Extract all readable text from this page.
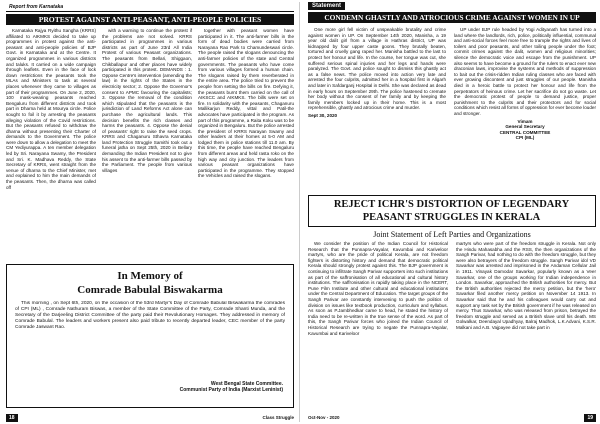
Report from Karnataka
PROTEST AGAINST ANTI-PEASANT, ANTI-PEOPLE POLICIES

Karnataka Rajya Ryithu Sangha (KRRS) affiliated to AIKMKS decided to take up programmes in protest against the anti-peasant and anti-people policies of BJP Govt. in Karnataka and at the Centre. It organized programmes in various districts and taluks. It carried on a wide campaign through leaflets. Even in the face of lock down restrictions the peasants took the MLAs and Ministers to task at several places whenever they came to villages as part of their programmes. On June 2, 2020, 100 mask-wearing peasants reached Bengaluru from different districts and took part in Dharna held at Mourya circle. Police sought to foil it by arresting the peasants alleging violation of the Covid restrictions. But the peasants refused to withdraw the dharna without presenting their Charter of demands to the Government. The police were down to allow a delegation to meet the CM Yediyurappa. A ten member delegation led by Sri. Narayana Swamy, the President and Sri. K. Madhava Reddy, the State Secretary of KRRS, went straight from the venue of dharna to the Chief Minister, met and explained to him the main demands of the peasants. Then, the dharna was called off

with a warning to continue the protest if the problems are not solved. KRRS participated in programmes in various districts as part of June 23rd All India Protest of various Peasant organizations. The peasants from Bellari, Shiggaon, Chikballapur and other places have widely participated in this protest. DEMANDS : 1. Oppose Centre's intervention (amending the law) in the rights of the States in the electricity sector; 2. Oppose the Governor's consent to APMC favouring the capitalists; 3. Oppose the removal of the condition which stipulated that the peasants is the jurisdiction of Land Reforms Act alone can purchase the agricultural lands. This decision benefits the rich classes and harms the peasants. 4. Oppose the denial of peasants' right to raise the seed crops. KRRS and Chaganuru Sthavra Karnataka land Protection Struggle Samithi took out a funeral jatha on Sept 25th, 2020 in Bellary demanding the Indian President not to give his assent to the anti-farmer bills passed by the Parliament. The people from various villages

together with peasant women have participated in it. The anti-farmer bills in the form of dead bodies were carried from Narayana Rao Park to Chamundeswari circle. The people raised the slogans denouncing the anti-farmer policies of the state and Central governments. The peasants who have come from various villages formed a human chain. The slogans raised by them reverberated in the entire area. The police tried to prevent the people from setting the bills on fire. Defying it, the peasants burnt them carried on the call of AIKSCC and AIKMKS. The bills were set on fire. In solidarity with the peasants, Chaganuru Mallikarjun Reddy, vittal and Patil-the advocates have participated in the program. As part of this programme, a Raita Koku was to be organized in Bengaluru. But the police arrested the president of KRRS Narayan Swamy and other leaders at their homes at 5-0 AM and lodged them in police stations till 11.0 am. By this time, the people have reached Bengaluru from different areas and held rasta roko on the high way and city junction. The leaders from various peasant organizations have participated in the programme. They stopped the Vehicles and raised the slogans.

In Memory of
Comrade Babulal Biswakarma

This morning , on Sept 6th, 2020, on the occasion of the 53rd Martyr's Day of Comrade Babulal Biswakarma the comrades of CPI (ML) , Comrade Nathuram Biswas, a member of the State Committee of the Party, Comrade Shanti Munda, and the Secretary of the Darjeeling District Committee of the party paid their Revolutionary Homages. They addressed in memory of Comrade Babulal. The leaders and workers present also paid tribute to recently departed leader, CEC member of the party Comrade Jaswant Rao.

West Bengal State Committee.
Communist Party of India (Marxist Leninist)
18	Class Struggle
Statement
CONDEMN GHASTLY AND ATROCIOUS CRIME AGAINST WOMEN IN UP

One more girl fell victim of unspeakable brutality and crime against women in UP. On September 14th 2020, Manisha, a 19 year old dalit girl from a village in Hathras district, UP was kidnapped by four upper caste goons. They brutally beaten, tortured and cruelly gang raped her. Manisha battled to the last to protect her honour and life. In the course, her tongue was cut, she suffered serious spinal injuries and her legs and hands were paralyzed. The Govt. and police sought to dismiss this ghastly act as a false news. The police moved into action very late and arrested the four culprits, admitted her in a hospital first in Aligarh and later in Safdarganj Hospital in Delhi. She was declared as dead in early hours on September 29th. The police hastened to cremate her body without the consent of her family and by keeping the family members locked up in their home. This is a most reprehensible, ghastly and atrocious crime and murder.

Sept 30, 2020

UP under BJP rule headed by Yogi Adityanath has turned into a land where the landlords, rich, police, politically influential, communal and anti-social forces feel more free to trample the rights and lives of toilers and poor peasants, and other toiling people under the foot; commit crimes against the dalit, women and religious minorities; silence the democratic voice and escape from the punishment. UP also seems to have become a ground for the rulers to enact ever new draconian laws, improvise the systems and methods of suppression to bait out the crisis-ridden Indian ruling classes who are faced with ever growing discontent and just struggles of our people. Manisha died in a heroic battle to protect her honour and life from the perpetrators of heinous crime. Let her sacrifice do not go waste. Let the democratic protest of people to demand justice, proper punishment to the culprits and their protectors and for social conditions which resist all forms of oppression for ever become louder and stronger.

Vimam
General Secretary
CENTRAL COMMITTEE
CPI (ML)
REJECT ICHR'S DISTORTION OF LEGENDARY
PEASANT STRUGGLES IN KERALA
Joint Statement of Left Parties and Organizations

We consider the position of the Indian Council for Historical Research that the Punnapra-Vayalar, Kavumbai and Kariveloor martyrs, who are the pride of political Kerala, are not freedom fighters is distorting history and demand that democratic political Kerala should strongly protest against this. The BJP government is continuing to infiltrate Sangh Parivar supporters into such institutions as part of the saffronisation of all educational and cultural history institutions. The saffronisation is rapidly taking place in the NCERT, Pune Film Institute and other cultural and educational institutions under the Central Department of Education. The target groups of the Sangh Parivar are constantly intervening to push the politics of division on issues like textbook production, curriculum and syllabus. As soon as P.Jambhedkar came to head, he stated the history of India need to be re-written in the true sense of the word. As part of this, the Sangh Parivar forces who joined the Indian Council of Historical Research are trying to negate the Punnapra-Vayalar, Kavumbai and Kariveloor

martyrs who were part of the freedom struggle in Kerala. Not only the Hindu Mahasabha and the RSS, the then organizations of the Sangh Parivar, had nothing to do with the freedom struggle, but they were also betrayers of the freedom struggle. Sangh Parivar idol VD Savarkar was arrested and imprisoned in the Andaman Cellular Jail in 1911. Vinayak Damodar Savarkar, popularly known as a Veer Savarkar, one of the groups working for Indian independence in London. Savarkar, approached the British authorities for mercy. But the British authorities rejected the mercy petition, but the 'hero' Savarkar filed another mercy petition on November 14 1913. In Savarkar said that he and his colleagues would carry out and support any task set by the British government if he was released on mercy. Thus Savarkar, who was released from prison, betrayed the freedom struggle and served as a British slave until his death. MS Golwalkar, Deendayal Upadhyay, Balraj Madhok, L.K.Advani, K.S.R. Malkani and A.B. Vajpayee did not take part in

Oct-Nov - 2020	19
